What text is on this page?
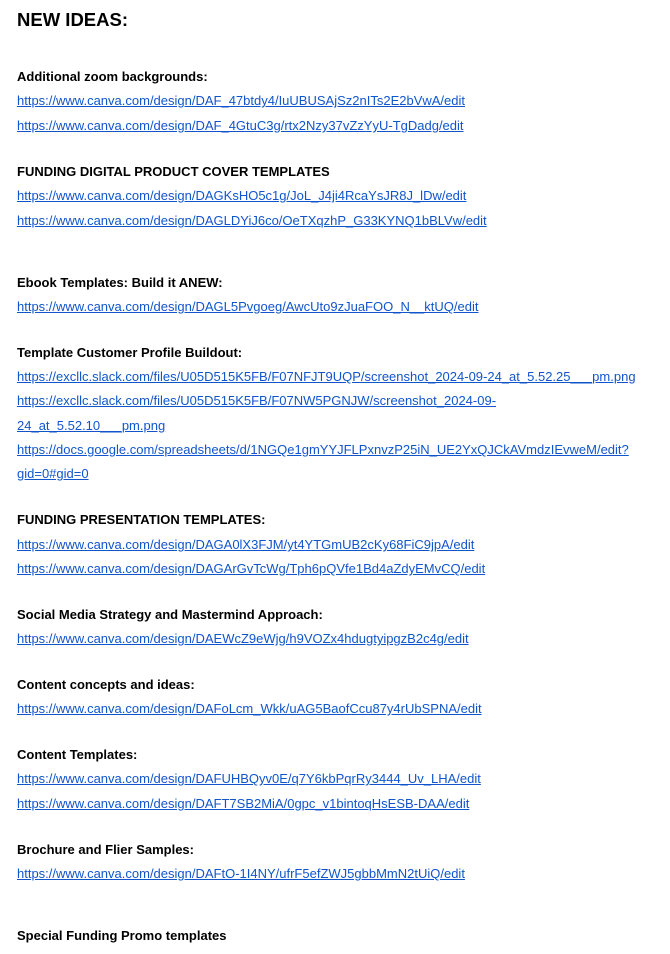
NEW IDEAS:
Additional zoom backgrounds:
https://www.canva.com/design/DAF_47btdy4/IuUBUSAjSz2nITs2E2bVwA/edit
https://www.canva.com/design/DAF_4GtuC3g/rtx2Nzy37vZzYyU-TgDadg/edit
FUNDING DIGITAL PRODUCT COVER TEMPLATES
https://www.canva.com/design/DAGKsHO5c1g/JoL_J4ji4RcaYsJR8J_lDw/edit
https://www.canva.com/design/DAGLDYiJ6co/OeTXqzhP_G33KYNQ1bBLVw/edit
Ebook Templates: Build it ANEW:
https://www.canva.com/design/DAGL5Pvgoeg/AwcUto9zJuaFOO_N__ktUQ/edit
Template Customer Profile Buildout:
https://excllc.slack.com/files/U05D515K5FB/F07NFJT9UQP/screenshot_2024-09-24_at_5.52.25___pm.png
https://excllc.slack.com/files/U05D515K5FB/F07NW5PGNJW/screenshot_2024-09-
24_at_5.52.10___pm.png
https://docs.google.com/spreadsheets/d/1NGQe1gmYYJFLPxnvzP25iN_UE2YxQJCkAVmdzIEvweM/edit?
gid=0#gid=0
FUNDING PRESENTATION TEMPLATES:
https://www.canva.com/design/DAGA0lX3FJM/yt4YTGmUB2cKy68FiC9jpA/edit
https://www.canva.com/design/DAGArGvTcWg/Tph6pQVfe1Bd4aZdyEMvCQ/edit
Social Media Strategy and Mastermind Approach:
https://www.canva.com/design/DAEWcZ9eWjg/h9VOZx4hdugtyipgzB2c4g/edit
Content concepts and ideas:
https://www.canva.com/design/DAFoLcm_Wkk/uAG5BaofCcu87y4rUbSPNA/edit
Content Templates:
https://www.canva.com/design/DAFUHBQyv0E/q7Y6kbPqrRy3444_Uv_LHA/edit
https://www.canva.com/design/DAFT7SB2MiA/0gpc_v1bintoqHsESB-DAA/edit
Brochure and Flier Samples:
https://www.canva.com/design/DAFtO-1I4NY/ufrF5efZWJ5gbbMmN2tUiQ/edit
Special Funding Promo templates
